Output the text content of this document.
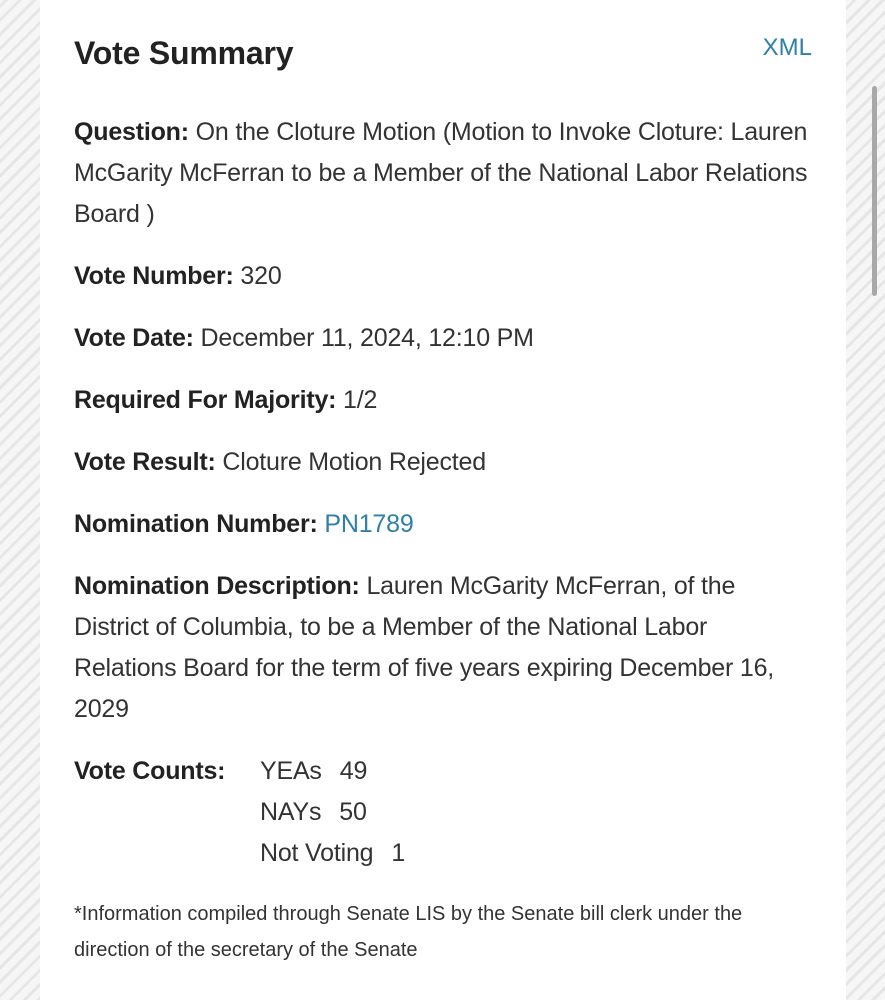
Vote Summary	XML
Question: On the Cloture Motion (Motion to Invoke Cloture: Lauren McGarity McFerran to be a Member of the National Labor Relations Board )
Vote Number: 320
Vote Date: December 11, 2024, 12:10 PM
Required For Majority: 1/2
Vote Result: Cloture Motion Rejected
Nomination Number: PN1789
Nomination Description: Lauren McGarity McFerran, of the District of Columbia, to be a Member of the National Labor Relations Board for the term of five years expiring December 16, 2029
Vote Counts:	YEAs 49
NAYs 50
Not Voting 1
*Information compiled through Senate LIS by the Senate bill clerk under the direction of the secretary of the Senate
